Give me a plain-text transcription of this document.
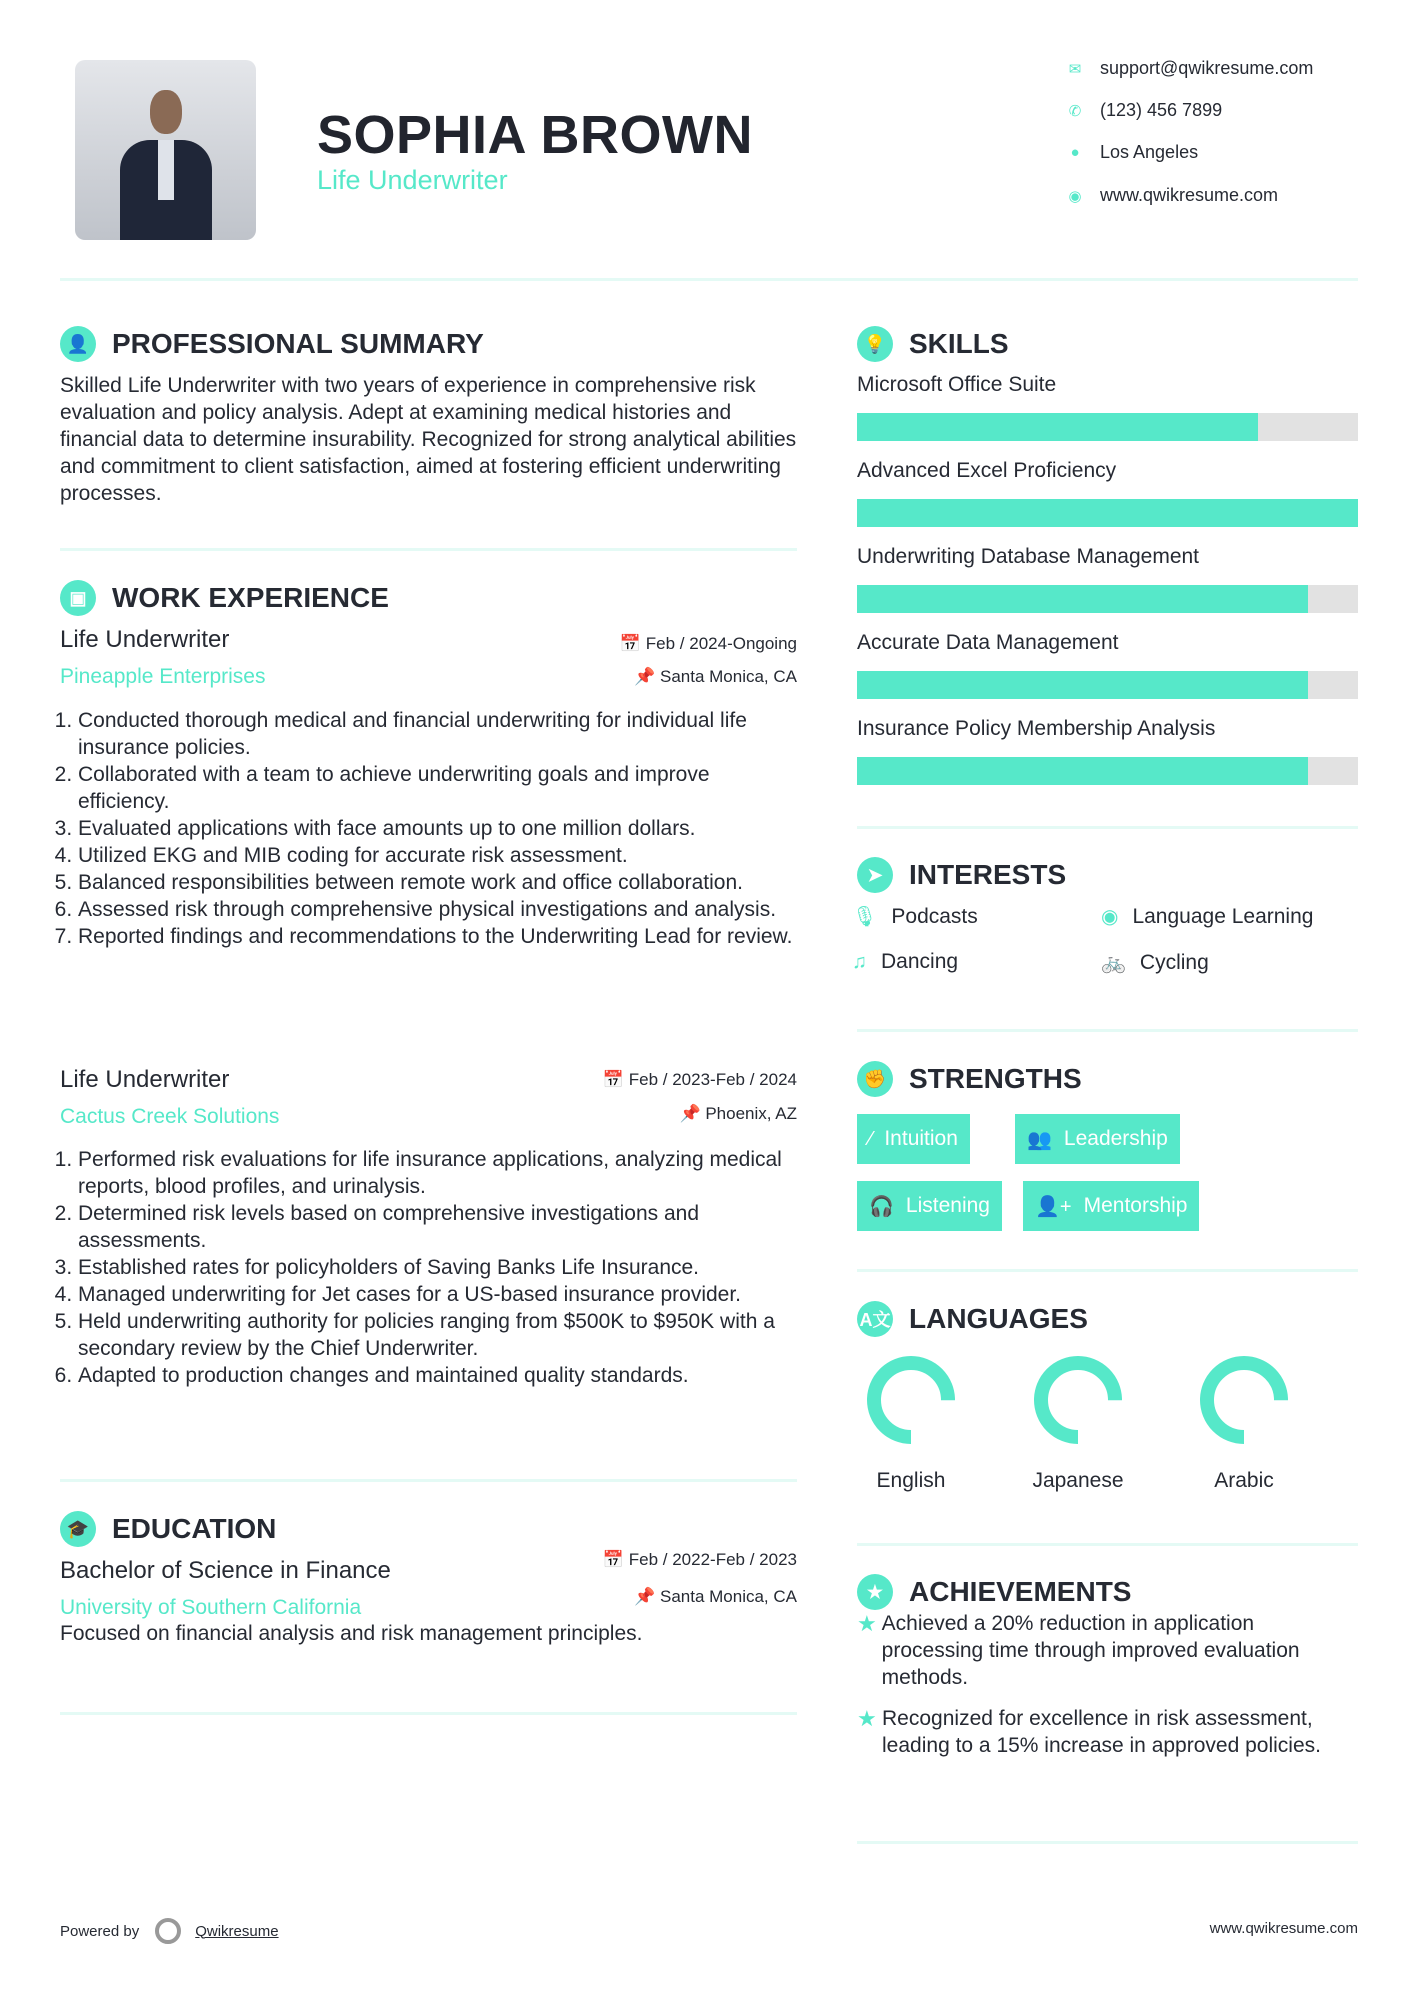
SOPHIA BROWN
Life Underwriter
✉ support@qwikresume.com
✆ (123) 456 7899
● Los Angeles
◉ www.qwikresume.com
👤 PROFESSIONAL SUMMARY
Skilled Life Underwriter with two years of experience in comprehensive risk evaluation and policy analysis. Adept at examining medical histories and financial data to determine insurability. Recognized for strong analytical abilities and commitment to client satisfaction, aimed at fostering efficient underwriting processes.
▣ WORK EXPERIENCE
Life Underwriter
Pineapple Enterprises
📅 Feb / 2024-Ongoing
📌 Santa Monica, CA
1. Conducted thorough medical and financial underwriting for individual life insurance policies.
2. Collaborated with a team to achieve underwriting goals and improve efficiency.
3. Evaluated applications with face amounts up to one million dollars.
4. Utilized EKG and MIB coding for accurate risk assessment.
5. Balanced responsibilities between remote work and office collaboration.
6. Assessed risk through comprehensive physical investigations and analysis.
7. Reported findings and recommendations to the Underwriting Lead for review.
Life Underwriter
Cactus Creek Solutions
📅 Feb / 2023-Feb / 2024
📌 Phoenix, AZ
1. Performed risk evaluations for life insurance applications, analyzing medical reports, blood profiles, and urinalysis.
2. Determined risk levels based on comprehensive investigations and assessments.
3. Established rates for policyholders of Saving Banks Life Insurance.
4. Managed underwriting for Jet cases for a US-based insurance provider.
5. Held underwriting authority for policies ranging from $500K to $950K with a secondary review by the Chief Underwriter.
6. Adapted to production changes and maintained quality standards.
🎓 EDUCATION
Bachelor of Science in Finance
University of Southern California
📅 Feb / 2022-Feb / 2023
📌 Santa Monica, CA
Focused on financial analysis and risk management principles.
💡 SKILLS
Microsoft Office Suite
Advanced Excel Proficiency
Underwriting Database Management
Accurate Data Management
Insurance Policy Membership Analysis
➤ INTERESTS
🎙 Podcasts	◉ Language Learning
♫ Dancing	🚲 Cycling
✊ STRENGTHS
⁄ Intuition	👥 Leadership
🎧 Listening 👤+ Mentorship
A文 LANGUAGES
English	Japanese	Arabic
★ ACHIEVEMENTS
★ Achieved a 20% reduction in application processing time through improved evaluation methods.
★ Recognized for excellence in risk assessment, leading to a 15% increase in approved policies.
Powered by	Qwikresume	www.qwikresume.com
